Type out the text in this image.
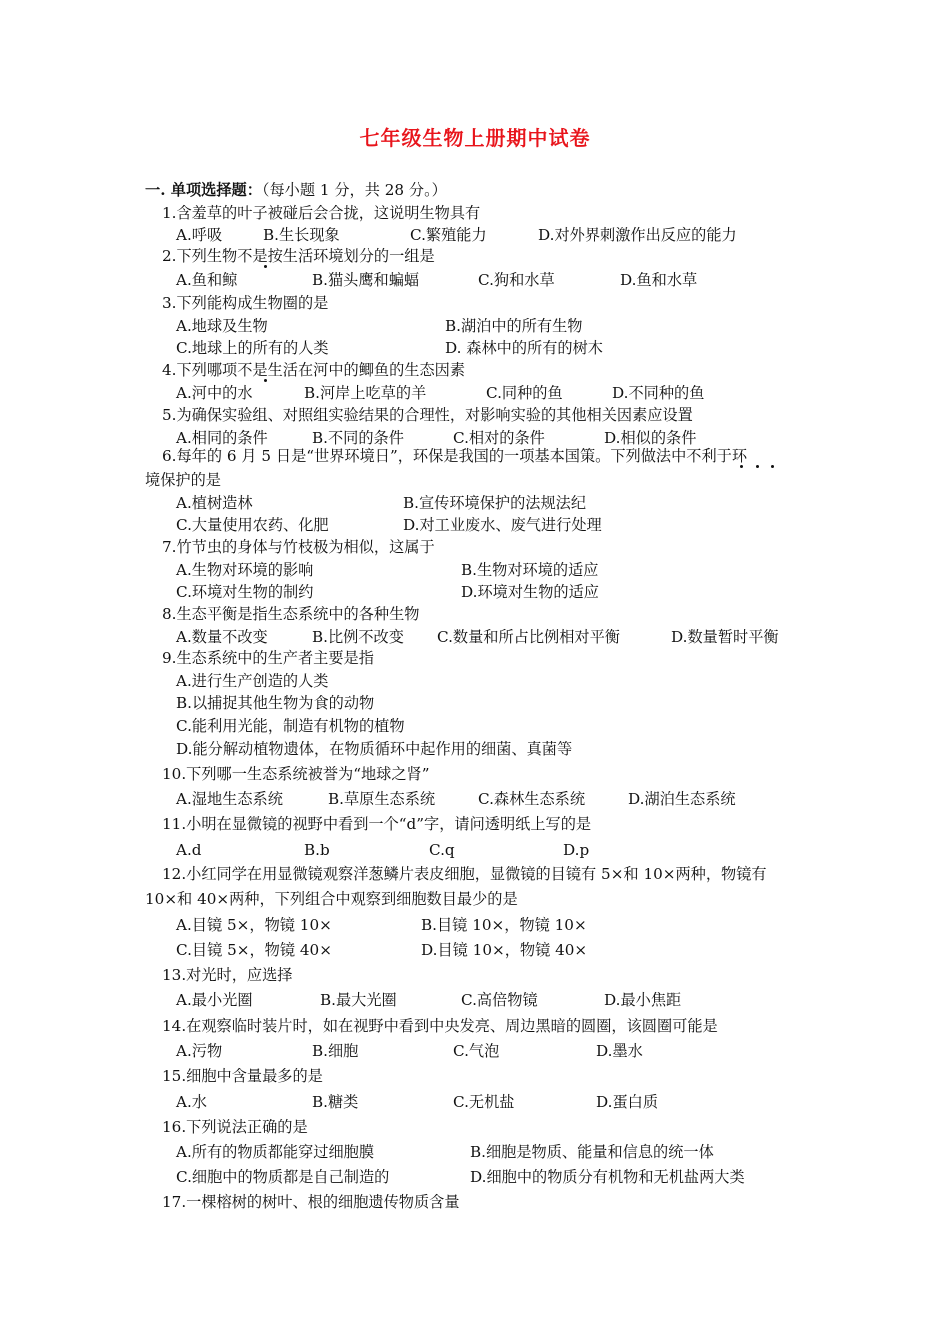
七年级生物上册期中试卷
一. 单项选择题：（每小题 1 分，共 28 分。）
1.含羞草的叶子被碰后会合拢，这说明生物具有
A.呼吸	B.生长现象	C.繁殖能力	D.对外界刺激作出反应的能力
2.下列生物不是按生活环境划分的一组是
A.鱼和鲸	B.猫头鹰和蝙蝠	C.狗和水草	D.鱼和水草
3.下列能构成生物圈的是
A.地球及生物	B.湖泊中的所有生物
C.地球上的所有的人类	D. 森林中的所有的树木
4.下列哪项不是生活在河中的鲫鱼的生态因素
A.河中的水	B.河岸上吃草的羊	C.同种的鱼	D.不同种的鱼
5.为确保实验组、对照组实验结果的合理性，对影响实验的其他相关因素应设置
A.相同的条件	B.不同的条件	C.相对的条件	D.相似的条件
6.每年的 6 月 5 日是“世界环境日”，环保是我国的一项基本国策。下列做法中不利于环
境保护的是
A.植树造林	B.宣传环境保护的法规法纪
C.大量使用农药、化肥	D.对工业废水、废气进行处理
7.竹节虫的身体与竹枝极为相似，这属于
A.生物对环境的影响	B.生物对环境的适应
C.环境对生物的制约	D.环境对生物的适应
8.生态平衡是指生态系统中的各种生物
A.数量不改变	B.比例不改变 C.数量和所占比例相对平衡	D.数量暂时平衡
9.生态系统中的生产者主要是指
A.进行生产创造的人类
B.以捕捉其他生物为食的动物
C.能利用光能，制造有机物的植物
D.能分解动植物遗体，在物质循环中起作用的细菌、真菌等
10.下列哪一生态系统被誉为“地球之肾”
A.湿地生态系统	B.草原生态系统	C.森林生态系统	D.湖泊生态系统
11.小明在显微镜的视野中看到一个“d”字，请问透明纸上写的是
A.d	B.b	C.q	D.p
12.小红同学在用显微镜观察洋葱鳞片表皮细胞，显微镜的目镜有 5×和 10×两种，物镜有
10×和 40×两种，下列组合中观察到细胞数目最少的是
A.目镜 5×，物镜 10×	B.目镜 10×，物镜 10×
C.目镜 5×，物镜 40×	D.目镜 10×，物镜 40×
13.对光时，应选择
A.最小光圈	B.最大光圈	C.高倍物镜	D.最小焦距
14.在观察临时装片时，如在视野中看到中央发亮、周边黑暗的圆圈，该圆圈可能是
A.污物	B.细胞	C.气泡	D.墨水
15.细胞中含量最多的是
A.水	B.糖类	C.无机盐	D.蛋白质
16.下列说法正确的是
A.所有的物质都能穿过细胞膜	B.细胞是物质、能量和信息的统一体
C.细胞中的物质都是自己制造的	D.细胞中的物质分有机物和无机盐两大类
17.一棵榕树的树叶、根的细胞遗传物质含量
